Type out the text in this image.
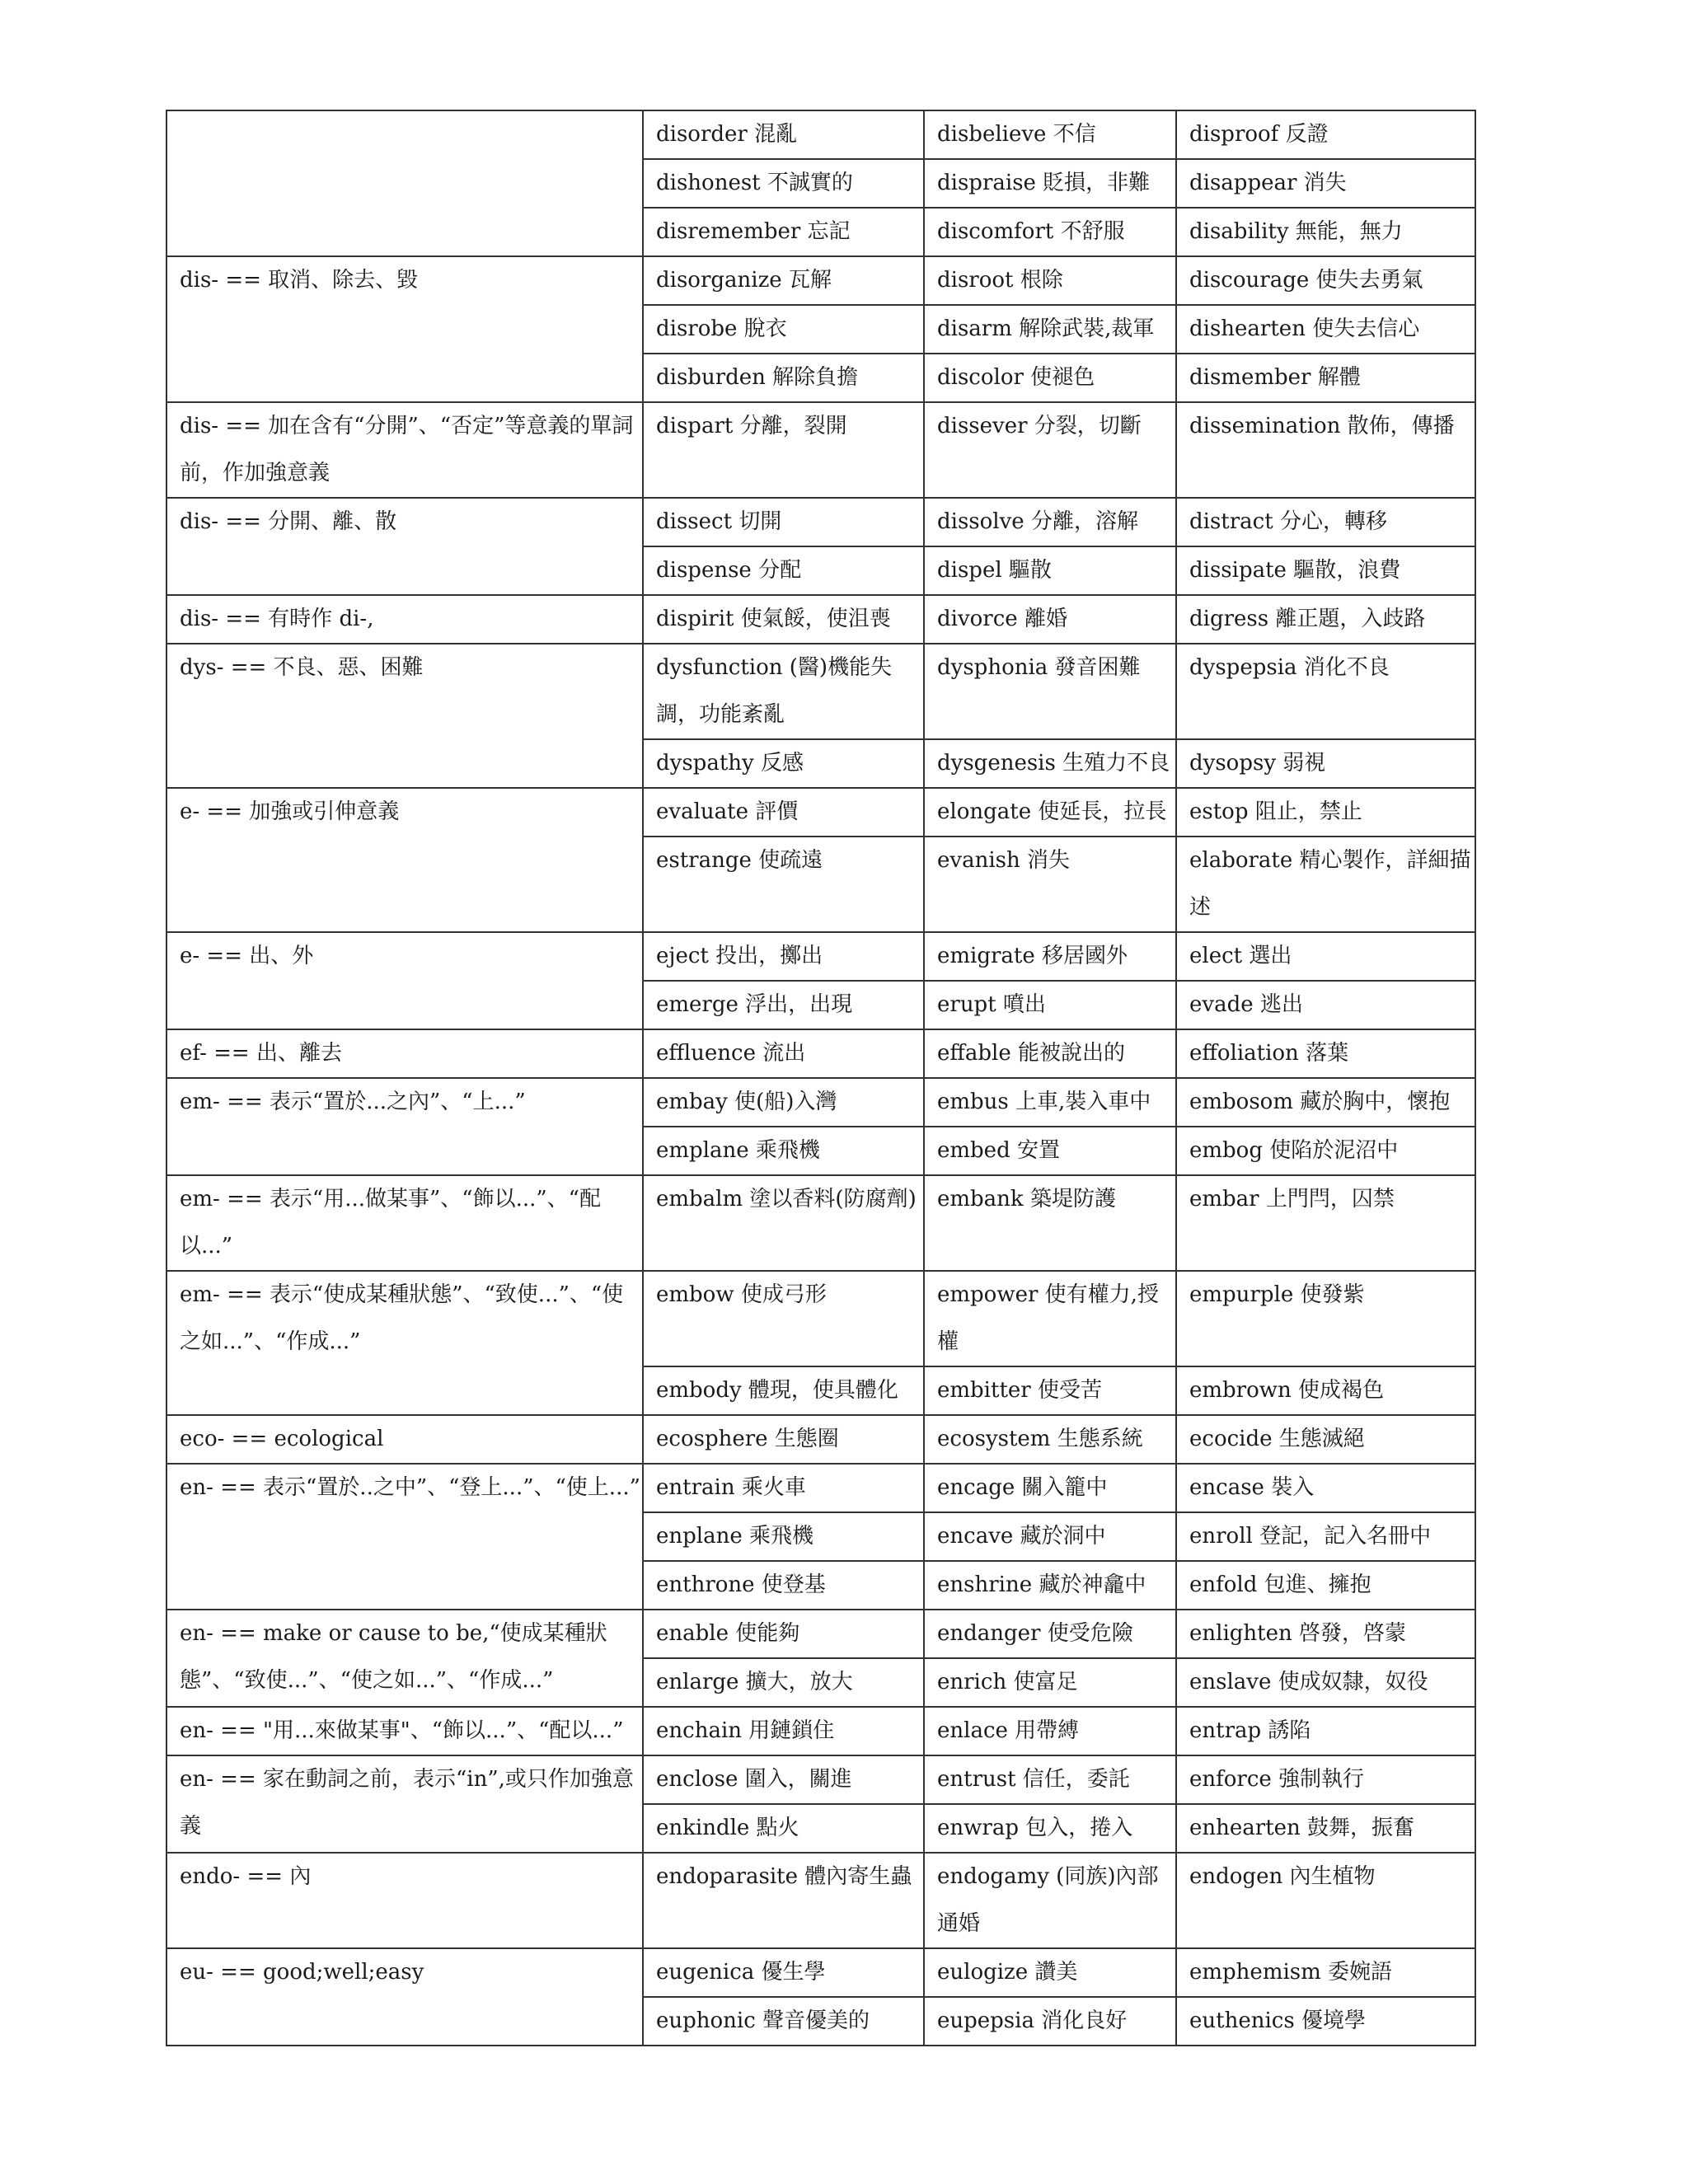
	disorder 混亂	disbelieve 不信	disproof 反證
	dishonest 不誠實的	dispraise 貶損，非難	disappear 消失
	disremember 忘記	discomfort 不舒服	disability 無能，無力
dis- == 取消、除去、毀	disorganize 瓦解	disroot 根除	discourage 使失去勇氣
	disrobe 脫衣	disarm 解除武裝,裁軍	dishearten 使失去信心
	disburden 解除負擔	discolor 使褪色	dismember 解體
dis- == 加在含有“分開”、“否定”等意義的單詞前，作加強意義	dispart 分離，裂開	dissever 分裂，切斷	dissemination 散佈，傳播
dis- == 分開、離、散	dissect 切開	dissolve 分離，溶解	distract 分心，轉移
	dispense 分配	dispel 驅散	dissipate 驅散，浪費
dis- == 有時作 di-,	dispirit 使氣餒，使沮喪	divorce 離婚	digress 離正題，入歧路
dys- == 不良、惡、困難	dysfunction (醫)機能失調，功能紊亂	dysphonia 發音困難	dyspepsia 消化不良
	dyspathy 反感	dysgenesis 生殖力不良	dysopsy 弱視
e- == 加強或引伸意義	evaluate 評價	elongate 使延長，拉長	estop 阻止，禁止
	estrange 使疏遠	evanish 消失	elaborate 精心製作，詳細描述
e- == 出、外	eject 投出，擲出	emigrate 移居國外	elect 選出
	emerge 浮出，出現	erupt 噴出	evade 逃出
ef- == 出、離去	effluence 流出	effable 能被說出的	effoliation 落葉
em- == 表示“置於...之內”、“上...”	embay 使(船)入灣	embus 上車,裝入車中	embosom 藏於胸中，懷抱
	emplane 乘飛機	embed 安置	embog 使陷於泥沼中
em- == 表示“用...做某事”、“飾以...”、“配以...”	embalm 塗以香料(防腐劑)	embank 築堤防護	embar 上門閂，囚禁
em- == 表示“使成某種狀態”、“致使...”、“使之如...”、“作成...”	embow 使成弓形	empower 使有權力,授權	empurple 使發紫
	embody 體現，使具體化	embitter 使受苦	embrown 使成褐色
eco- == ecological	ecosphere 生態圈	ecosystem 生態系統	ecocide 生態滅絕
en- == 表示“置於..之中”、“登上...”、“使上...”	entrain 乘火車	encage 關入籠中	encase 裝入
	enplane 乘飛機	encave 藏於洞中	enroll 登記，記入名冊中
	enthrone 使登基	enshrine 藏於神龕中	enfold 包進、擁抱
en- == make or cause to be,“使成某種狀態”、“致使...”、“使之如...”、“作成...”	enable 使能夠	endanger 使受危險	enlighten 啓發，啓蒙
	enlarge 擴大，放大	enrich 使富足	enslave 使成奴隸，奴役
en- == "用...來做某事"、“飾以...”、“配以...”	enchain 用鏈鎖住	enlace 用帶縛	entrap 誘陷
en- == 家在動詞之前，表示“in”,或只作加強意義	enclose 圍入，關進	entrust 信任，委託	enforce 強制執行
	enkindle 點火	enwrap 包入，捲入	enhearten 鼓舞，振奮
endo- == 內	endoparasite 體內寄生蟲	endogamy (同族)內部通婚	endogen 內生植物
eu- == good;well;easy	eugenica 優生學	eulogize 讚美	emphemism 委婉語
	euphonic 聲音優美的	eupepsia 消化良好	euthenics 優境學
